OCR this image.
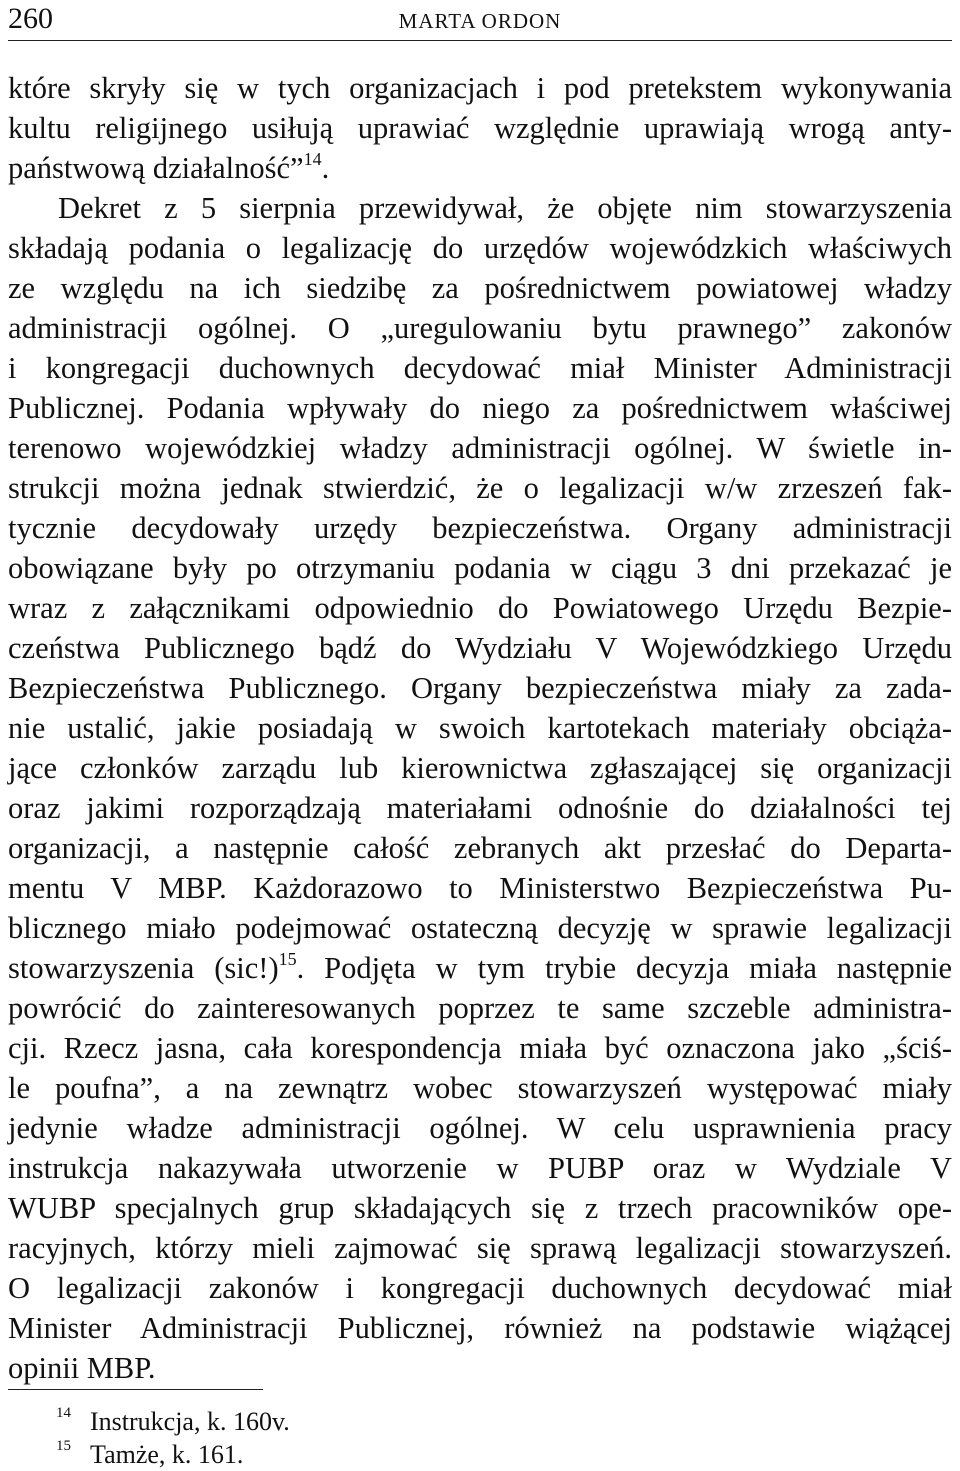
260	MARTA ORDON
które skryły się w tych organizacjach i pod pretekstem wykonywania
kultu religijnego usiłują uprawiać względnie uprawiają wrogą anty-
państwową działalność”$^{14}$.
Dekret z 5 sierpnia przewidywał, że objęte nim stowarzyszenia
składają podania o legalizację do urzędów wojewódzkich właściwych
ze względu na ich siedzibę za pośrednictwem powiatowej władzy
administracji ogólnej. O „uregulowaniu bytu prawnego” zakonów
i kongregacji duchownych decydować miał Minister Administracji
Publicznej. Podania wpływały do niego za pośrednictwem właściwej
terenowo wojewódzkiej władzy administracji ogólnej. W świetle in-
strukcji można jednak stwierdzić, że o legalizacji w/w zrzeszeń fak-
tycznie decydowały urzędy bezpieczeństwa. Organy administracji
obowiązane były po otrzymaniu podania w ciągu 3 dni przekazać je
wraz z załącznikami odpowiednio do Powiatowego Urzędu Bezpie-
czeństwa Publicznego bądź do Wydziału V Wojewódzkiego Urzędu
Bezpieczeństwa Publicznego. Organy bezpieczeństwa miały za zada-
nie ustalić, jakie posiadają w swoich kartotekach materiały obciąża-
jące członków zarządu lub kierownictwa zgłaszającej się organizacji
oraz jakimi rozporządzają materiałami odnośnie do działalności tej
organizacji, a następnie całość zebranych akt przesłać do Departa-
mentu V MBP. Każdorazowo to Ministerstwo Bezpieczeństwa Pu-
blicznego miało podejmować ostateczną decyzję w sprawie legalizacji
stowarzyszenia $(sic!)^{15}$. Podjęta w tym trybie decyzja miała następnie
powrócić do zainteresowanych poprzez te same szczeble administra-
cji. Rzecz jasna, cała korespondencja miała być oznaczona jako „ściś-
le poufna”, a na zewnątrz wobec stowarzyszeń występować miały
jedynie władze administracji ogólnej. W celu usprawnienia pracy
instrukcja nakazywała utworzenie w PUBP oraz w Wydziale V
WUBP specjalnych grup składających się z trzech pracowników ope-
racyjnych, którzy mieli zajmować się sprawą legalizacji stowarzyszeń.
O legalizacji zakonów i kongregacji duchownych decydować miał
Minister Administracji Publicznej, również na podstawie wiążącej
opinii MBP.
$^{14}$ Instrukcja, k. 160v.
$^{15}$ Tamże, k. 161.
